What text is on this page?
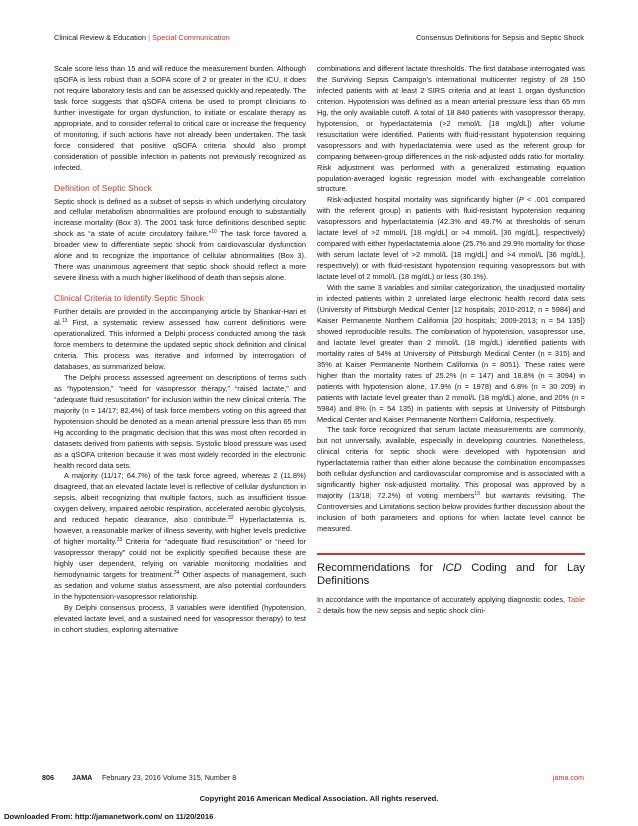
Clinical Review & Education | Special Communication	Consensus Definitions for Sepsis and Septic Shock

Scale score less than 15 and will reduce the measurement burden. Although qSOFA is less robust than a SOFA score of 2 or greater in the ICU, it does not require laboratory tests and can be assessed quickly and repeatedly. The task force suggests that qSOFA criteria be used to prompt clinicians to further investigate for organ dysfunction, to initiate or escalate therapy as appropriate, and to consider referral to critical care or increase the frequency of monitoring, if such actions have not already been undertaken. The task force considered that positive qSOFA criteria should also prompt consideration of possible infection in patients not previously recognized as infected.

Definition of Septic Shock

Septic shock is defined as a subset of sepsis in which underlying circulatory and cellular metabolism abnormalities are profound enough to substantially increase mortality (Box 3). The 2001 task force definitions described septic shock as “a state of acute circulatory failure.”$^{10}$ The task force favored a broader view to differentiate septic shock from cardiovascular dysfunction alone and to recognize the importance of cellular abnormalities (Box 3). There was unanimous agreement that septic shock should reflect a more severe illness with a much higher likelihood of death than sepsis alone.

Clinical Criteria to Identify Septic Shock

Further details are provided in the accompanying article by Shankar-Hari et al.$^{13}$ First, a systematic review assessed how current definitions were operationalized. This informed a Delphi process conducted among the task force members to determine the updated septic shock definition and clinical criteria. This process was iterative and informed by interrogation of databases, as summarized below.

The Delphi process assessed agreement on descriptions of terms such as “hypotension,” “need for vasopressor therapy,” “raised lactate,” and “adequate fluid resuscitation” for inclusion within the new clinical criteria. The majority (n = 14/17; 82.4%) of task force members voting on this agreed that hypotension should be denoted as a mean arterial pressure less than 65 mm Hg according to the pragmatic decision that this was most often recorded in datasets derived from patients with sepsis. Systolic blood pressure was used as a qSOFA criterion because it was most widely recorded in the electronic health record data sets.

A majority (11/17; 64.7%) of the task force agreed, whereas 2 (11.8%) disagreed, that an elevated lactate level is reflective of cellular dysfunction in sepsis, albeit recognizing that multiple factors, such as insufficient tissue oxygen delivery, impaired aerobic respiration, accelerated aerobic glycolysis, and reduced hepatic clearance, also contribute.$^{32}$ Hyperlactatemia is, however, a reasonable marker of illness severity, with higher levels predictive of higher mortality.$^{33}$ Criteria for “adequate fluid resuscitation” or “need for vasopressor therapy” could not be explicitly specified because these are highly user dependent, relying on variable monitoring modalities and hemodynamic targets for treatment.$^{34}$ Other aspects of management, such as sedation and volume status assessment, are also potential confounders in the hypotension-vasopressor relationship.

By Delphi consensus process, 3 variables were identified (hypotension, elevated lactate level, and a sustained need for vasopressor therapy) to test in cohort studies, exploring alternative

combinations and different lactate thresholds. The first database interrogated was the Surviving Sepsis Campaign’s international multicenter registry of 28 150 infected patients with at least 2 SIRS criteria and at least 1 organ dysfunction criterion. Hypotension was defined as a mean arterial pressure less than 65 mm Hg, the only available cutoff. A total of 18 840 patients with vasopressor therapy, hypotension, or hyperlactatemia (>2 mmol/L [18 mg/dL]) after volume resuscitation were identified. Patients with fluid-resistant hypotension requiring vasopressors and with hyperlactatemia were used as the referent group for comparing between-group differences in the risk-adjusted odds ratio for mortality. Risk adjustment was performed with a generalized estimating equation population-averaged logistic regression model with exchangeable correlation structure.

Risk-adjusted hospital mortality was significantly higher (P < .001 compared with the referent group) in patients with fluid-resistant hypotension requiring vasopressors and hyperlactatemia (42.3% and 49.7% at thresholds of serum lactate level of >2 mmol/L [18 mg/dL] or >4 mmol/L [36 mg/dL], respectively) compared with either hyperlactatemia alone (25.7% and 29.9% mortality for those with serum lactate level of >2 mmol/L [18 mg/dL] and >4 mmol/L [36 mg/dL], respectively) or with fluid-resistant hypotension requiring vasopressors but with lactate level of 2 mmol/L (18 mg/dL) or less (30.1%).

With the same 3 variables and similar categorization, the unadjusted mortality in infected patients within 2 unrelated large electronic health record data sets (University of Pittsburgh Medical Center [12 hospitals; 2010-2012; n = 5984] and Kaiser Permanente Northern California [20 hospitals; 2009-2013; n = 54 135]) showed reproducible results. The combination of hypotension, vasopressor use, and lactate level greater than 2 mmol/L (18 mg/dL) identified patients with mortality rates of 54% at University of Pittsburgh Medical Center (n = 315) and 35% at Kaiser Permanente Northern California (n = 8051). These rates were higher than the mortality rates of 25.2% (n = 147) and 18.8% (n = 3094) in patients with hypotension alone, 17.9% (n = 1978) and 6.8% (n = 30 209) in patients with lactate level greater than 2 mmol/L (18 mg/dL) alone, and 20% (n = 5984) and 8% (n = 54 135) in patients with sepsis at University of Pittsburgh Medical Center and Kaiser Permanente Northern California, respectively.

The task force recognized that serum lactate measurements are commonly, but not universally, available, especially in developing countries. Nonetheless, clinical criteria for septic shock were developed with hypotension and hyperlactatemia rather than either alone because the combination encompasses both cellular dysfunction and cardiovascular compromise and is associated with a significantly higher risk-adjusted mortality. This proposal was approved by a majority (13/18; 72.2%) of voting members$^{13}$ but warrants revisiting. The Controversies and Limitations section below provides further discussion about the inclusion of both parameters and options for when lactate level cannot be measured.

Recommendations for ICD Coding and for Lay Definitions

In accordance with the importance of accurately applying diagnostic codes, Table 2 details how the new sepsis and septic shock clini-

806	JAMA February 23, 2016 Volume 315, Number 8	jama.com
Copyright 2016 American Medical Association. All rights reserved.
Downloaded From: http://jamanetwork.com/ on 11/20/2016
